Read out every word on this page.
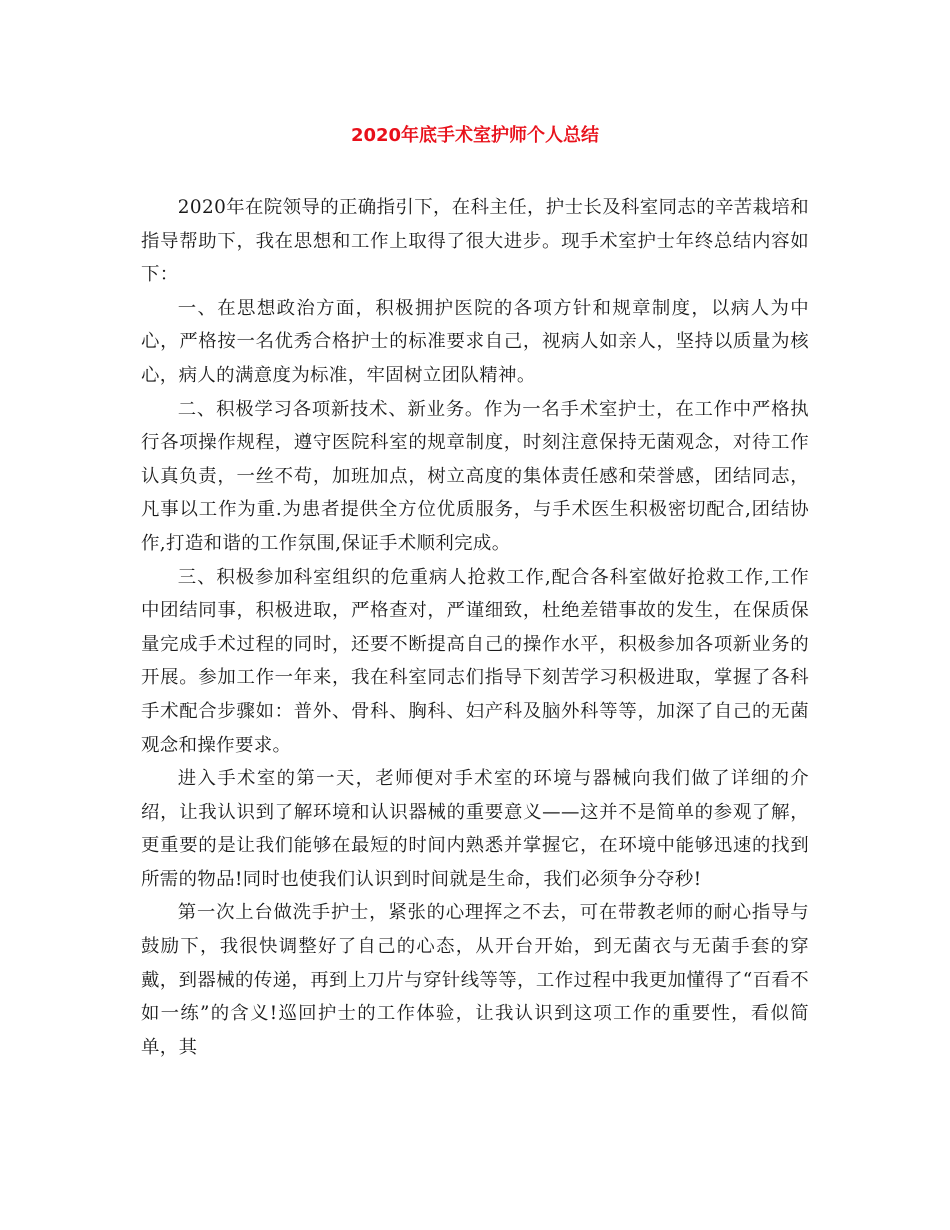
2020年底手术室护师个人总结

2020年在院领导的正确指引下，在科主任，护士长及科室同志的辛苦栽培和指导帮助下，我在思想和工作上取得了很大进步。现手术室护士年终总结内容如下：

一、在思想政治方面，积极拥护医院的各项方针和规章制度，以病人为中心，严格按一名优秀合格护士的标准要求自己，视病人如亲人，坚持以质量为核心，病人的满意度为标准，牢固树立团队精神。

二、积极学习各项新技术、新业务。作为一名手术室护士，在工作中严格执行各项操作规程，遵守医院科室的规章制度，时刻注意保持无菌观念，对待工作认真负责，一丝不苟，加班加点，树立高度的集体责任感和荣誉感，团结同志，凡事以工作为重.为患者提供全方位优质服务，与手术医生积极密切配合,团结协作,打造和谐的工作氛围,保证手术顺利完成。

三、积极参加科室组织的危重病人抢救工作,配合各科室做好抢救工作,工作中团结同事，积极进取，严格查对，严谨细致，杜绝差错事故的发生，在保质保量完成手术过程的同时，还要不断提高自己的操作水平，积极参加各项新业务的开展。参加工作一年来，我在科室同志们指导下刻苦学习积极进取，掌握了各科手术配合步骤如：普外、骨科、胸科、妇产科及脑外科等等，加深了自己的无菌观念和操作要求。

进入手术室的第一天，老师便对手术室的环境与器械向我们做了详细的介绍，让我认识到了解环境和认识器械的重要意义——这并不是简单的参观了解，更重要的是让我们能够在最短的时间内熟悉并掌握它，在环境中能够迅速的找到所需的物品!同时也使我们认识到时间就是生命，我们必须争分夺秒!

第一次上台做洗手护士，紧张的心理挥之不去，可在带教老师的耐心指导与鼓励下，我很快调整好了自己的心态，从开台开始，到无菌衣与无菌手套的穿戴，到器械的传递，再到上刀片与穿针线等等，工作过程中我更加懂得了“百看不如一练”的含义!巡回护士的工作体验，让我认识到这项工作的重要性，看似简单，其
